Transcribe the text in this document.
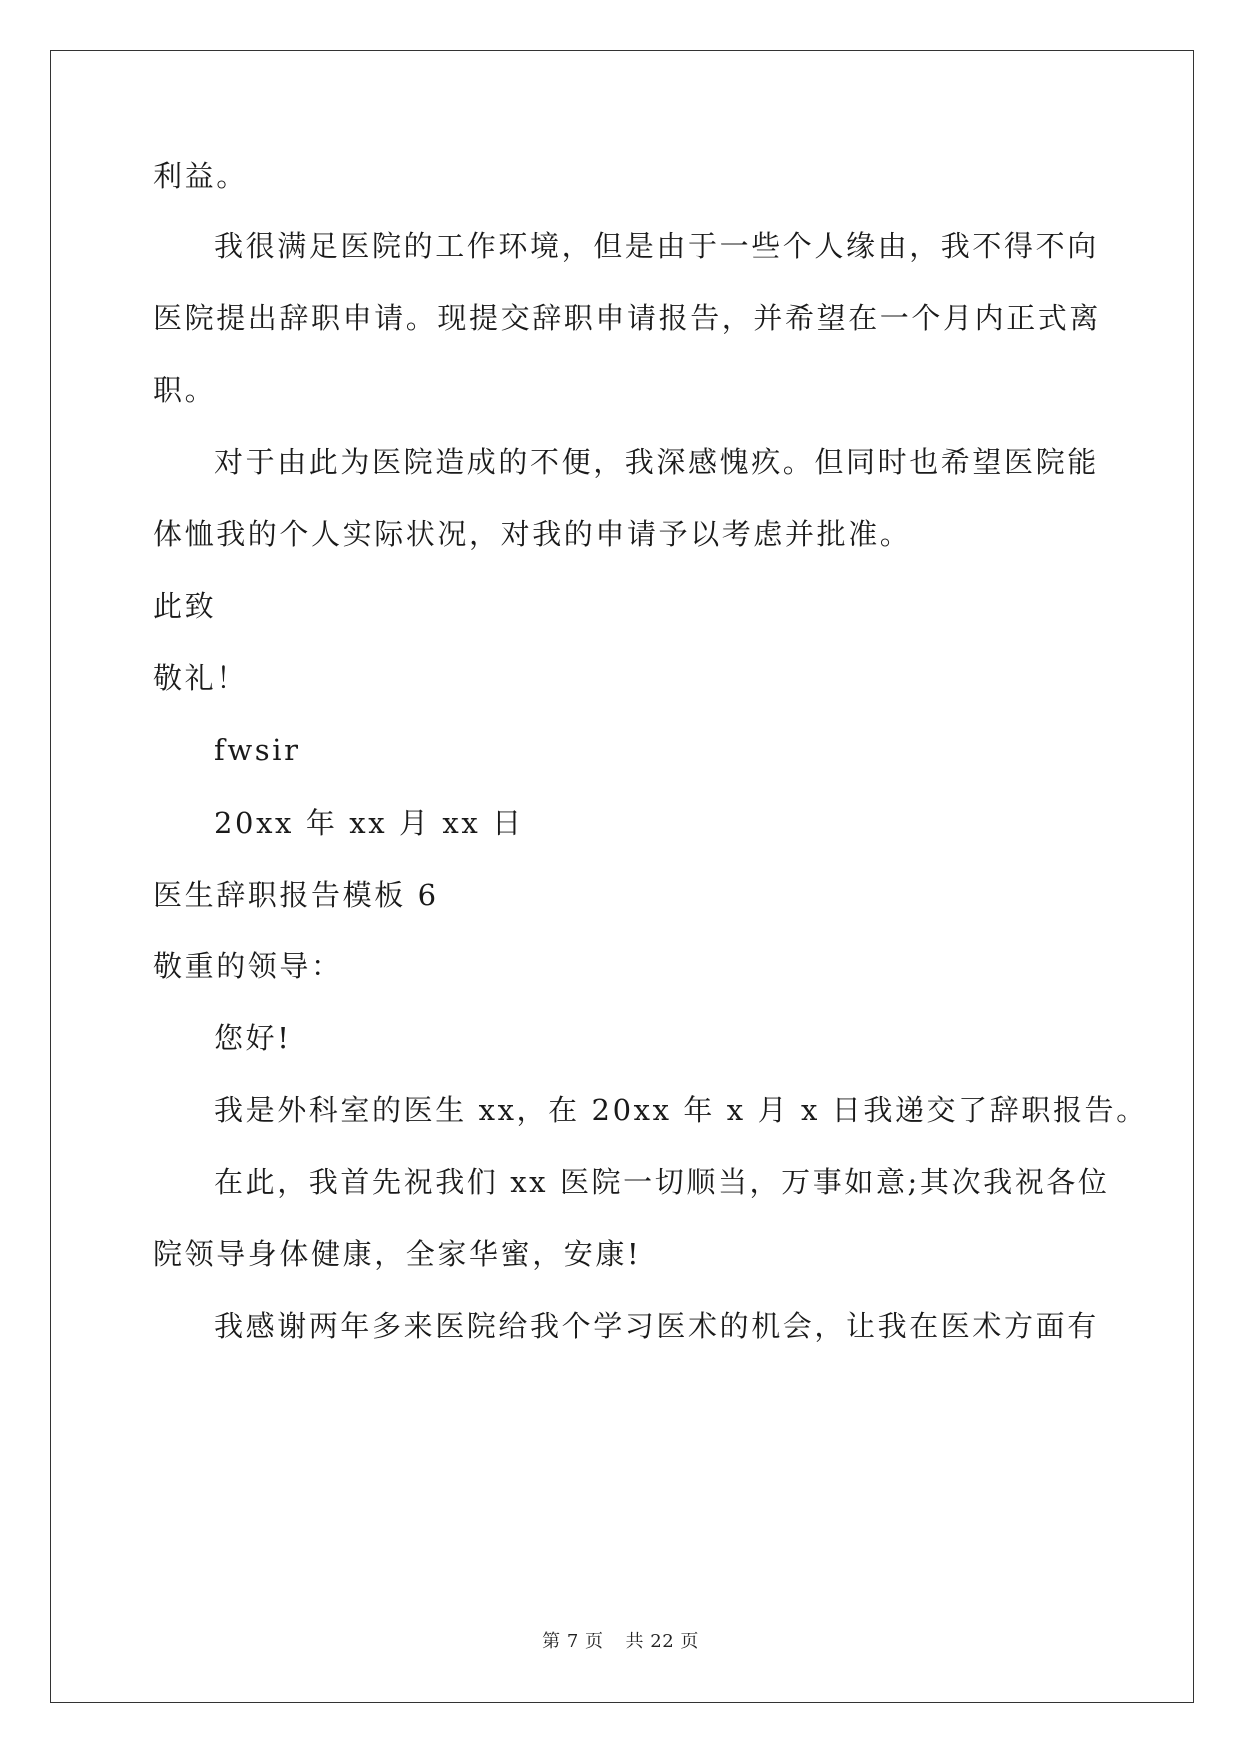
利益。
我很满足医院的工作环境，但是由于一些个人缘由，我不得不向
医院提出辞职申请。现提交辞职申请报告，并希望在一个月内正式离
职。
对于由此为医院造成的不便，我深感愧疚。但同时也希望医院能
体恤我的个人实际状况，对我的申请予以考虑并批准。
此致
敬礼！
fwsir
20xx 年 xx 月 xx 日
医生辞职报告模板 6
敬重的领导：
您好!
我是外科室的医生 xx，在 20xx 年 x 月 x 日我递交了辞职报告。
在此，我首先祝我们 xx 医院一切顺当，万事如意;其次我祝各位
院领导身体健康，全家华蜜，安康!
我感谢两年多来医院给我个学习医术的机会，让我在医术方面有
第 7 页 共 22 页
